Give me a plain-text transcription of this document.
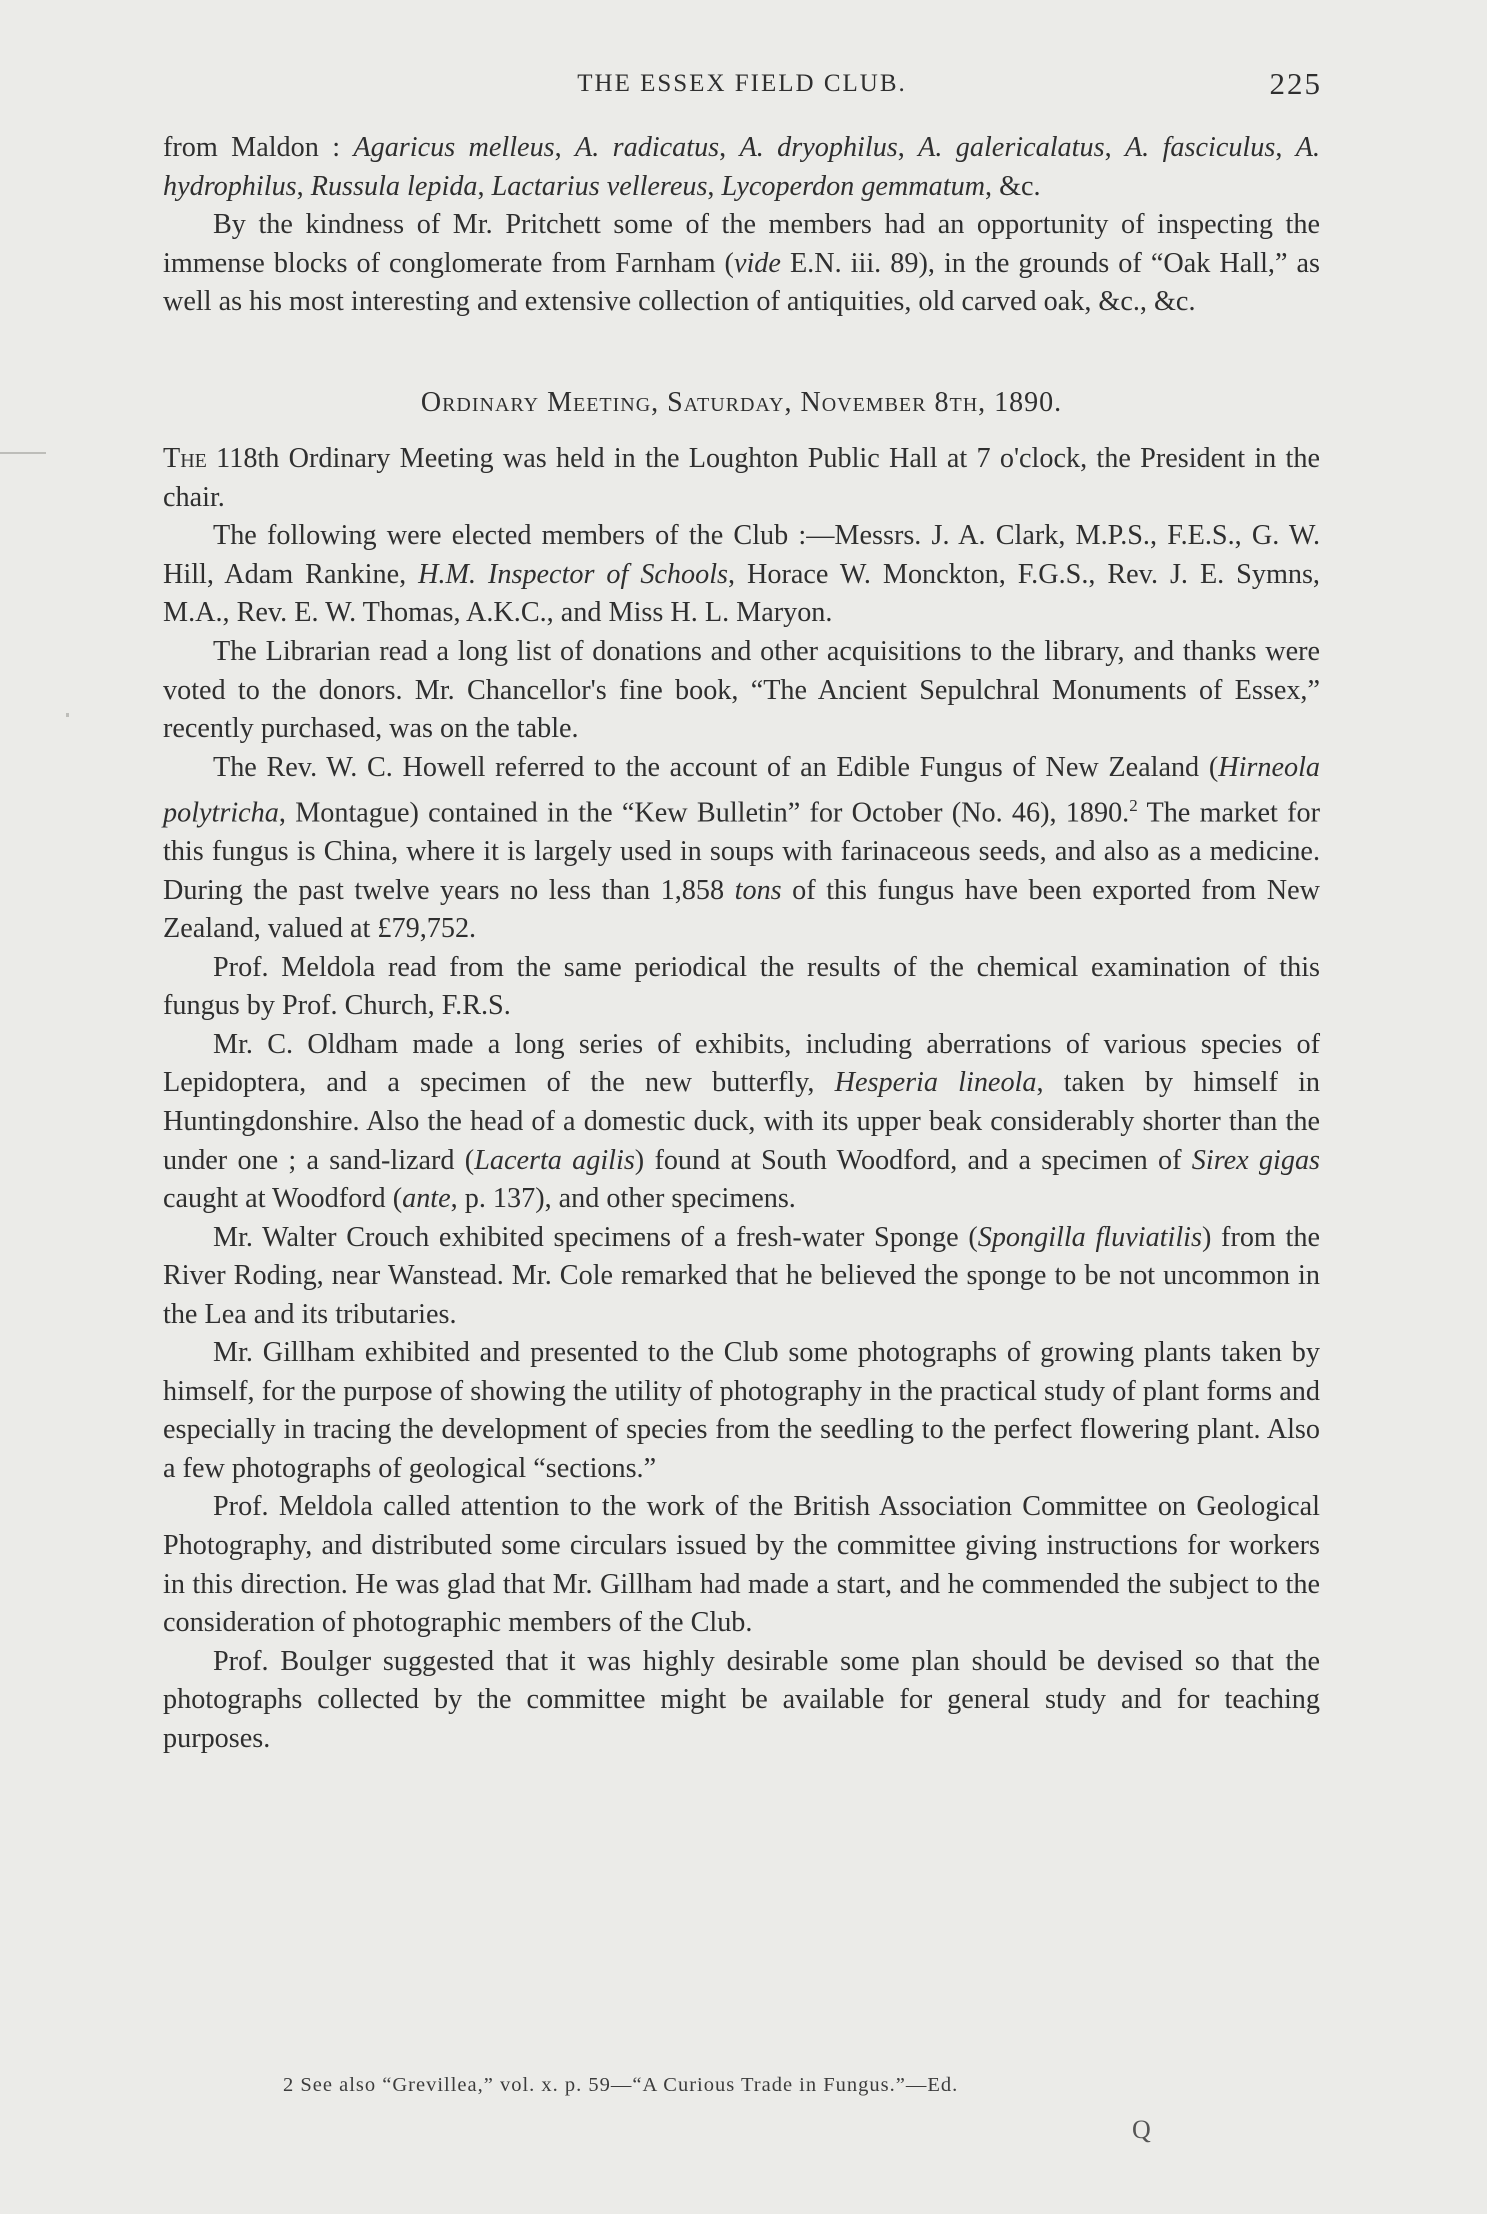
THE ESSEX FIELD CLUB.	225

from Maldon : Agaricus melleus, A. radicatus, A. dryophilus, A. galericalatus, A. fasciculus, A. hydrophilus, Russula lepida, Lactarius vellereus, Lycoperdon gemmatum, &c.

By the kindness of Mr. Pritchett some of the members had an opportunity of inspecting the immense blocks of conglomerate from Farnham (vide E.N. iii. 89), in the grounds of “Oak Hall,” as well as his most interesting and extensive collection of antiquities, old carved oak, &c., &c.

Ordinary Meeting, Saturday, November 8th, 1890.

The 118th Ordinary Meeting was held in the Loughton Public Hall at 7 o'clock, the President in the chair.

The following were elected members of the Club :—Messrs. J. A. Clark, M.P.S., F.E.S., G. W. Hill, Adam Rankine, H.M. Inspector of Schools, Horace W. Monckton, F.G.S., Rev. J. E. Symns, M.A., Rev. E. W. Thomas, A.K.C., and Miss H. L. Maryon.

The Librarian read a long list of donations and other acquisitions to the library, and thanks were voted to the donors. Mr. Chancellor's fine book, “The Ancient Sepulchral Monuments of Essex,” recently purchased, was on the table.

The Rev. W. C. Howell referred to the account of an Edible Fungus of New Zealand (Hirneola polytricha, Montague) contained in the “Kew Bulletin” for October (No. 46), 1890.$^2$ The market for this fungus is China, where it is largely used in soups with farinaceous seeds, and also as a medicine. During the past twelve years no less than 1,858 tons of this fungus have been exported from New Zealand, valued at £79,752.

Prof. Meldola read from the same periodical the results of the chemical examination of this fungus by Prof. Church, F.R.S.

Mr. C. Oldham made a long series of exhibits, including aberrations of various species of Lepidoptera, and a specimen of the new butterfly, Hesperia lineola, taken by himself in Huntingdonshire. Also the head of a domestic duck, with its upper beak considerably shorter than the under one ; a sand-lizard (Lacerta agilis) found at South Woodford, and a specimen of Sirex gigas caught at Woodford (ante, p. 137), and other specimens.

Mr. Walter Crouch exhibited specimens of a fresh-water Sponge (Spongilla fluviatilis) from the River Roding, near Wanstead. Mr. Cole remarked that he believed the sponge to be not uncommon in the Lea and its tributaries.

Mr. Gillham exhibited and presented to the Club some photographs of growing plants taken by himself, for the purpose of showing the utility of photography in the practical study of plant forms and especially in tracing the development of species from the seedling to the perfect flowering plant. Also a few photographs of geological “sections.”

Prof. Meldola called attention to the work of the British Association Committee on Geological Photography, and distributed some circulars issued by the committee giving instructions for workers in this direction. He was glad that Mr. Gillham had made a start, and he commended the subject to the consideration of photographic members of the Club.

Prof. Boulger suggested that it was highly desirable some plan should be devised so that the photographs collected by the committee might be available for general study and for teaching purposes.

2 See also “Grevillea,” vol. x. p. 59—“A Curious Trade in Fungus.”—Ed.
Q
